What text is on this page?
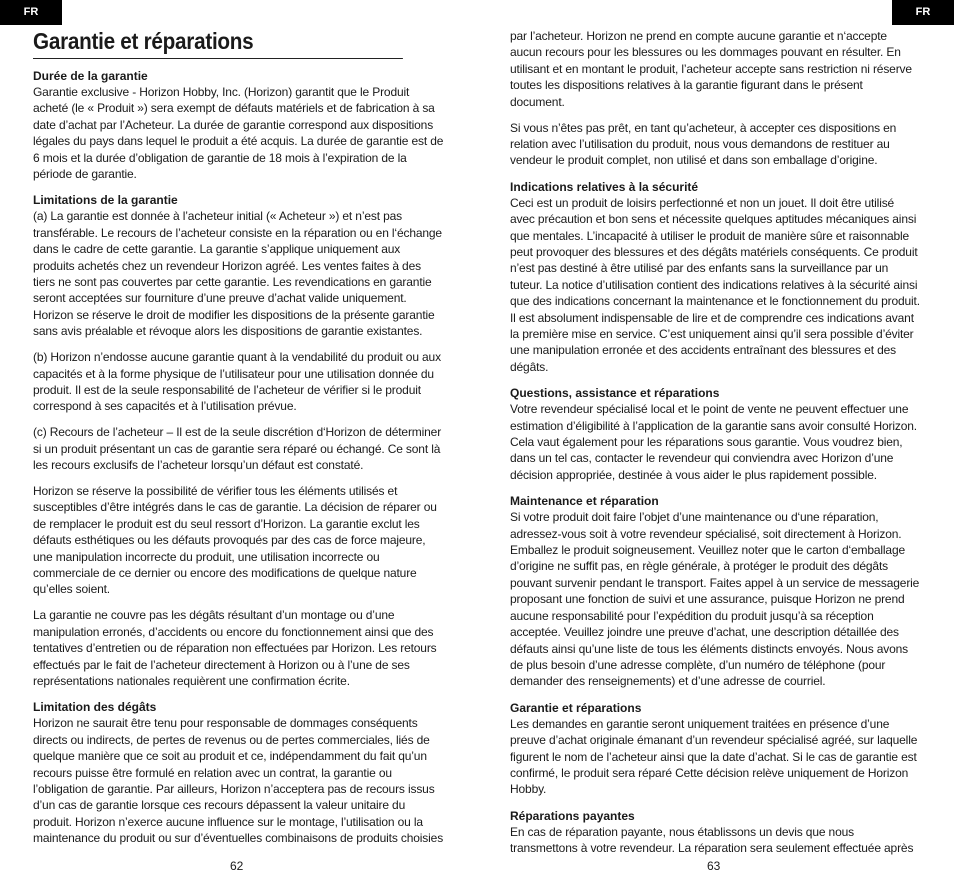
FR	FR
Garantie et réparations
Durée de la garantie

Garantie exclusive - Horizon Hobby, Inc. (Horizon) garantit que le Produit acheté (le « Produit ») sera exempt de défauts matériels et de fabrication à sa date d’achat par l’Acheteur. La durée de garantie correspond aux dispositions légales du pays dans lequel le produit a été acquis. La durée de garantie est de 6 mois et la durée d’obligation de garantie de 18 mois à l’expiration de la période de garantie.

Limitations de la garantie

(a) La garantie est donnée à l’acheteur initial (« Acheteur ») et n’est pas transférable. Le recours de l’acheteur consiste en la réparation ou en l‘échange dans le cadre de cette garantie. La garantie s’applique uniquement aux produits achetés chez un revendeur Horizon agréé. Les ventes faites à des tiers ne sont pas couvertes par cette garantie. Les revendications en garantie seront acceptées sur fourniture d’une preuve d’achat valide uniquement. Horizon se réserve le droit de modifier les dispositions de la présente garantie sans avis préalable et révoque alors les dispositions de garantie existantes.

(b) Horizon n’endosse aucune garantie quant à la vendabilité du produit ou aux capacités et à la forme physique de l’utilisateur pour une utilisation donnée du produit. Il est de la seule responsabilité de l’acheteur de vérifier si le produit correspond à ses capacités et à l’utilisation prévue.

(c) Recours de l’acheteur – Il est de la seule discrétion d‘Horizon de déterminer si un produit présentant un cas de garantie sera réparé ou échangé. Ce sont là les recours exclusifs de l’acheteur lorsqu’un défaut est constaté.

Horizon se réserve la possibilité de vérifier tous les éléments utilisés et susceptibles d’être intégrés dans le cas de garantie. La décision de réparer ou de remplacer le produit est du seul ressort d’Horizon. La garantie exclut les défauts esthétiques ou les défauts provoqués par des cas de force majeure, une manipulation incorrecte du produit, une utilisation incorrecte ou commerciale de ce dernier ou encore des modifications de quelque nature qu’elles soient.

La garantie ne couvre pas les dégâts résultant d’un montage ou d’une manipulation erronés, d’accidents ou encore du fonctionnement ainsi que des tentatives d’entretien ou de réparation non effectuées par Horizon. Les retours effectués par le fait de l’acheteur directement à Horizon ou à l’une de ses représentations nationales requièrent une confirmation écrite.

Limitation des dégâts

Horizon ne saurait être tenu pour responsable de dommages conséquents directs ou indirects, de pertes de revenus ou de pertes commerciales, liés de quelque manière que ce soit au produit et ce, indépendamment du fait qu’un recours puisse être formulé en relation avec un contrat, la garantie ou l’obligation de garantie. Par ailleurs, Horizon n’acceptera pas de recours issus d’un cas de garantie lorsque ces recours dépassent la valeur unitaire du produit. Horizon n’exerce aucune influence sur le montage, l’utilisation ou la maintenance du produit ou sur d’éventuelles combinaisons de produits choisies

par l’acheteur. Horizon ne prend en compte aucune garantie et n‘accepte aucun recours pour les blessures ou les dommages pouvant en résulter. En utilisant et en montant le produit, l’acheteur accepte sans restriction ni réserve toutes les dispositions relatives à la garantie figurant dans le présent document.

Si vous n’êtes pas prêt, en tant qu’acheteur, à accepter ces dispositions en relation avec l’utilisation du produit, nous vous demandons de restituer au vendeur le produit complet, non utilisé et dans son emballage d’origine.

Indications relatives à la sécurité

Ceci est un produit de loisirs perfectionné et non un jouet. Il doit être utilisé avec précaution et bon sens et nécessite quelques aptitudes mécaniques ainsi que mentales. L’incapacité à utiliser le produit de manière sûre et raisonnable peut provoquer des blessures et des dégâts matériels conséquents. Ce produit n’est pas destiné à être utilisé par des enfants sans la surveillance par un tuteur. La notice d’utilisation contient des indications relatives à la sécurité ainsi que des indications concernant la maintenance et le fonctionnement du produit. Il est absolument indispensable de lire et de comprendre ces indications avant la première mise en service. C’est uniquement ainsi qu’il sera possible d’éviter une manipulation erronée et des accidents entraînant des blessures et des dégâts.

Questions, assistance et réparations

Votre revendeur spécialisé local et le point de vente ne peuvent effectuer une estimation d’éligibilité à l’application de la garantie sans avoir consulté Horizon. Cela vaut également pour les réparations sous garantie. Vous voudrez bien, dans un tel cas, contacter le revendeur qui conviendra avec Horizon d’une décision appropriée, destinée à vous aider le plus rapidement possible.

Maintenance et réparation

Si votre produit doit faire l’objet d’une maintenance ou d‘une réparation, adressez-vous soit à votre revendeur spécialisé, soit directement à Horizon. Emballez le produit soigneusement. Veuillez noter que le carton d‘emballage d’origine ne suffit pas, en règle générale, à protéger le produit des dégâts pouvant survenir pendant le transport. Faites appel à un service de messagerie proposant une fonction de suivi et une assurance, puisque Horizon ne prend aucune responsabilité pour l’expédition du produit jusqu’à sa réception acceptée. Veuillez joindre une preuve d’achat, une description détaillée des défauts ainsi qu’une liste de tous les éléments distincts envoyés. Nous avons de plus besoin d’une adresse complète, d’un numéro de téléphone (pour demander des renseignements) et d’une adresse de courriel.

Garantie et réparations

Les demandes en garantie seront uniquement traitées en présence d’une preuve d’achat originale émanant d’un revendeur spécialisé agréé, sur laquelle figurent le nom de l’acheteur ainsi que la date d’achat. Si le cas de garantie est confirmé, le produit sera réparé Cette décision relève uniquement de Horizon Hobby.

Réparations payantes

En cas de réparation payante, nous établissons un devis que nous transmettons à votre revendeur. La réparation sera seulement effectuée après

62	63
